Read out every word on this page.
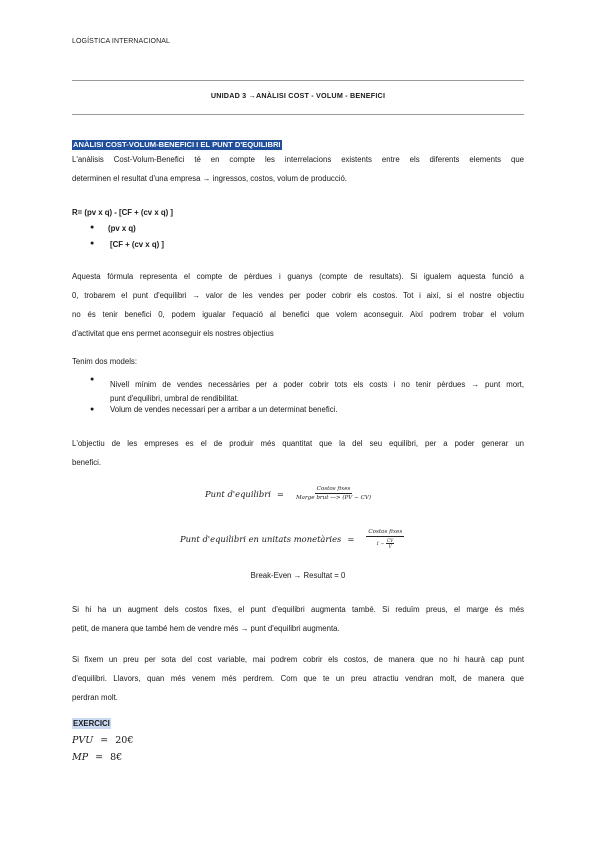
LOGÍSTICA INTERNACIONAL
UNIDAD 3 →ANÀLISI COST - VOLUM - BENEFICI
ANÀLISI COST-VOLUM-BENEFICI I EL PUNT D'EQUILIBRI
L'anàlisis Cost-Volum-Benefici té en compte les interrelacions existents entre els diferents elements que
determinen el resultat d'una empresa → ingressos, costos, volum de producció.
R= (pv x q) - [CF + (cv x q) ]
● (pv x q)
● [CF + (cv x q) ]
Aquesta fórmula representa el compte de pèrdues i guanys (compte de resultats). Si igualem aquesta funció a
0, trobarem el punt d'equilibri → valor de les vendes per poder cobrir els costos. Tot i així, si el nostre objectiu
no és tenir benefici 0, podem igualar l'equació al benefici que volem aconseguir. Així podrem trobar el volum
d'activitat que ens permet aconseguir els nostres objectius
Tenim dos models:
●
Nivell mínim de vendes necessàries per a poder cobrir tots els costs i no tenir pèrdues → punt mort,
punt d'equilibri, umbral de rendibilitat.
● Volum de vendes necessari per a arribar a un determinat benefici.
L'objectiu de les empreses es el de produir més quantitat que la del seu equilibri, per a poder generar un
benefici.
Punt d'equilibri = $\frac{\text{Costos fixes}}{\text{Marge brut ---> (PV − CV)}}$
Punt d'equilibri en unitats monetàries = $\frac{\text{Costos fixes}}{1 - \frac{CV}{V}}$
Break-Even → Resultat = 0
Si hi ha un augment dels costos fixes, el punt d'equilibri augmenta també. Si reduïm preus, el marge és més
petit, de manera que també hem de vendre més → punt d'equilibri augmenta.
Si fixem un preu per sota del cost variable, mai podrem cobrir els costos, de manera que no hi haurà cap punt
d'equilibri. Llavors, quan més venem més perdrem. Com que te un preu atractiu vendran molt, de manera que
perdran molt.
EXERCICI
PVU = 20€
MP = 8€
